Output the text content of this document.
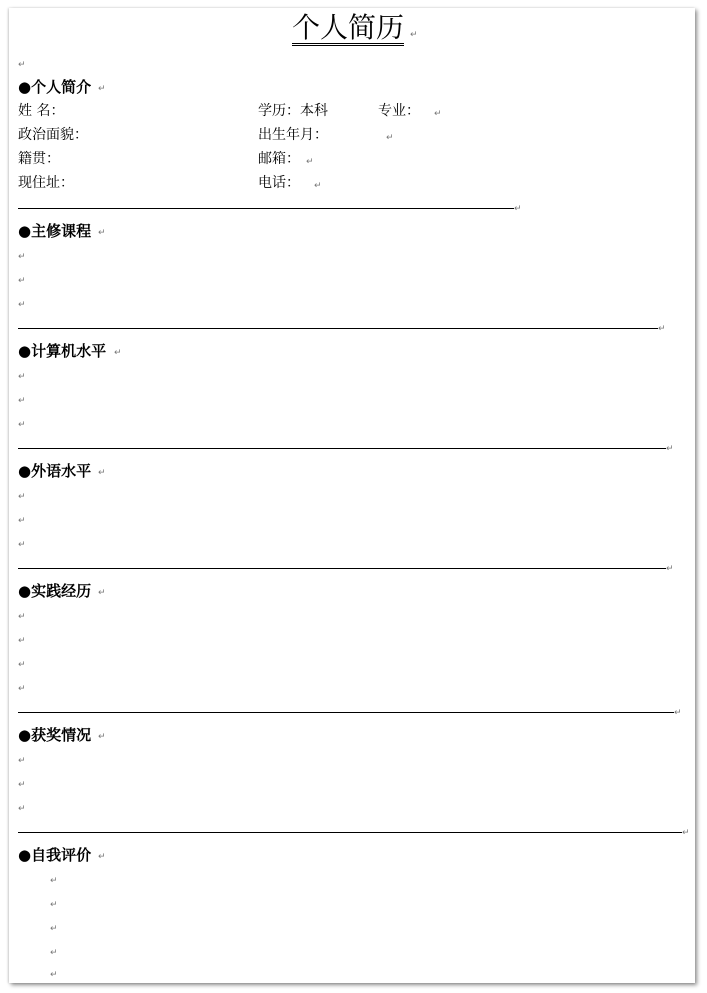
个人简历 ↵
↵
●个人简介 ↵
姓 名：	学历：本科	专业： ↵
政治面貌：	出生年月：	↵
籍贯：	邮箱： ↵
现住址：	电话： ↵
↵
●主修课程 ↵
↵
↵
↵
↵
●计算机水平 ↵
↵
↵
↵
↵
●外语水平 ↵
↵
↵
↵
↵
●实践经历 ↵
↵
↵
↵
↵
↵
●获奖情况 ↵
↵
↵
↵
↵
●自我评价 ↵
↵
↵
↵
↵
↵
